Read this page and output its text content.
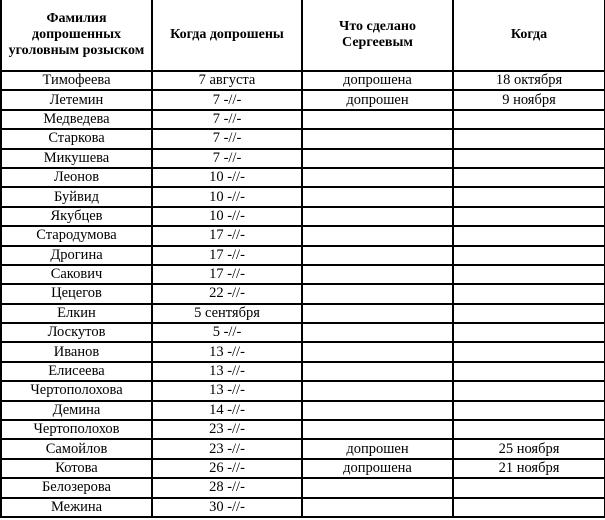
Фамилия допрошенных уголовным розыском	Когда допрошены	Что сделано Сергеевым	Когда
Тимофеева	7 августа	допрошена	18 октября
Летемин	7 -//-	допрошен	9 ноября
Медведева	7 -//-		
Старкова	7 -//-		
Микушева	7 -//-		
Леонов	10 -//-		
Буйвид	10 -//-		
Якубцев	10 -//-		
Стародумова	17 -//-		
Дрогина	17 -//-		
Сакович	17 -//-		
Цецегов	22 -//-		
Елкин	5 сентября		
Лоскутов	5 -//-		
Иванов	13 -//-		
Елисеева	13 -//-		
Чертополохова	13 -//-		
Демина	14 -//-		
Чертополохов	23 -//-		
Самойлов	23 -//-	допрошен	25 ноября
Котова	26 -//-	допрошена	21 ноября
Белозерова	28 -//-		
Межина	30 -//-		
